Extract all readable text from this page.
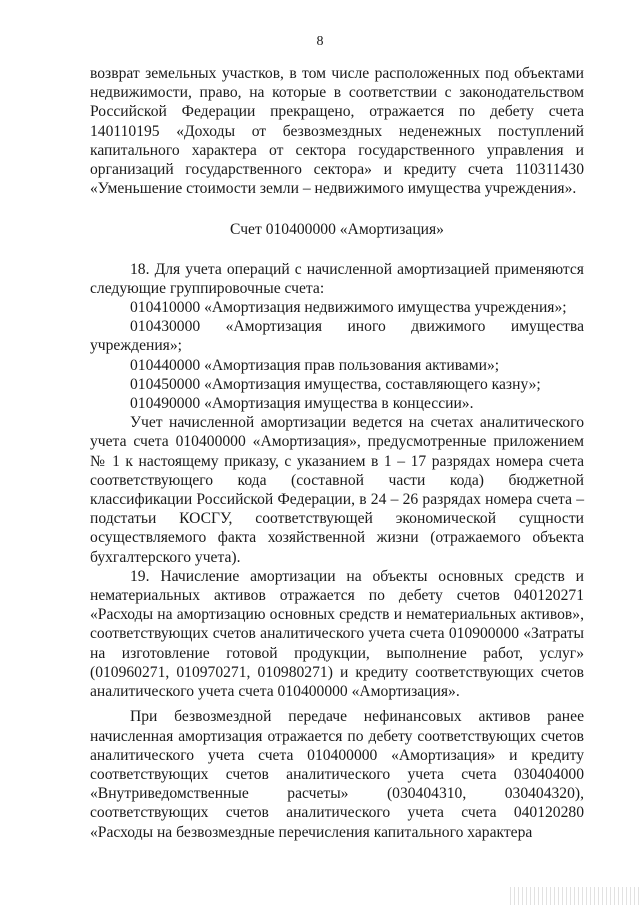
8

возврат земельных участков, в том числе расположенных под объектами недвижимости, право, на которые в соответствии с законодательством Российской Федерации прекращено, отражается по дебету счета 140110195 «Доходы от безвозмездных неденежных поступлений капитального характера от сектора государственного управления и организаций государственного сектора» и кредиту счета 110311430 «Уменьшение стоимости земли – недвижимого имущества учреждения».

Счет 010400000 «Амортизация»

18. Для учета операций с начисленной амортизацией применяются следующие группировочные счета:

010410000 «Амортизация недвижимого имущества учреждения»;

010430000 «Амортизация иного движимого имущества учреждения»;

010440000 «Амортизация прав пользования активами»;

010450000 «Амортизация имущества, составляющего казну»;

010490000 «Амортизация имущества в концессии».

Учет начисленной амортизации ведется на счетах аналитического учета счета 010400000 «Амортизация», предусмотренные приложением № 1 к настоящему приказу, с указанием в 1 – 17 разрядах номера счета соответствующего кода (составной части кода) бюджетной классификации Российской Федерации, в 24 – 26 разрядах номера счета – подстатьи КОСГУ, соответствующей экономической сущности осуществляемого факта хозяйственной жизни (отражаемого объекта бухгалтерского учета).

19. Начисление амортизации на объекты основных средств и нематериальных активов отражается по дебету счетов 040120271 «Расходы на амортизацию основных средств и нематериальных активов», соответствующих счетов аналитического учета счета 010900000 «Затраты на изготовление готовой продукции, выполнение работ, услуг» (010960271, 010970271, 010980271) и кредиту соответствующих счетов аналитического учета счета 010400000 «Амортизация».

При безвозмездной передаче нефинансовых активов ранее начисленная амортизация отражается по дебету соответствующих счетов аналитического учета счета 010400000 «Амортизация» и кредиту соответствующих счетов аналитического учета счета 030404000 «Внутриведомственные расчеты» (030404310, 030404320), соответствующих счетов аналитического учета счета 040120280 «Расходы на безвозмездные перечисления капитального характера
